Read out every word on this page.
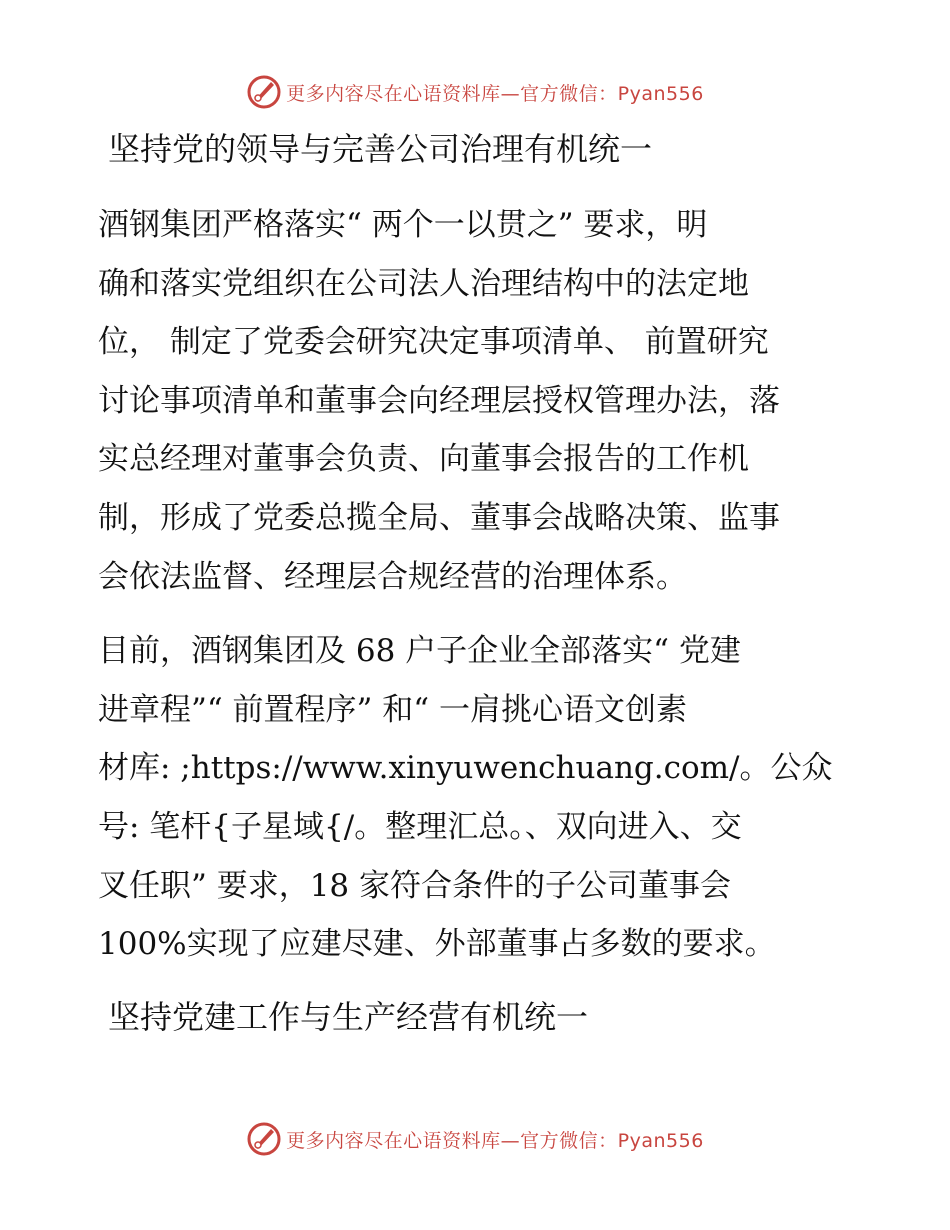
更多内容尽在心语资料库—官方微信：Pyan556
坚持党的领导与完善公司治理有机统一

酒钢集团严格落实“ 两个一以贯之” 要求，明
确和落实党组织在公司法人治理结构中的法定地
位， 制定了党委会研究决定事项清单、 前置研究
讨论事项清单和董事会向经理层授权管理办法，落
实总经理对董事会负责、向董事会报告的工作机
制，形成了党委总揽全局、董事会战略决策、监事
会依法监督、经理层合规经营的治理体系。

目前，酒钢集团及 68 户子企业全部落实“ 党建
进章程”“ 前置程序” 和“ 一肩挑心语文创素
材库: ;https://www.xinyuwenchuang.com/。公众
号: 笔杆{子星域{/。整理汇总。、双向进入、交
叉任职” 要求，18 家符合条件的子公司董事会
100%实现了应建尽建、外部董事占多数的要求。

坚持党建工作与生产经营有机统一
更多内容尽在心语资料库—官方微信：Pyan556
